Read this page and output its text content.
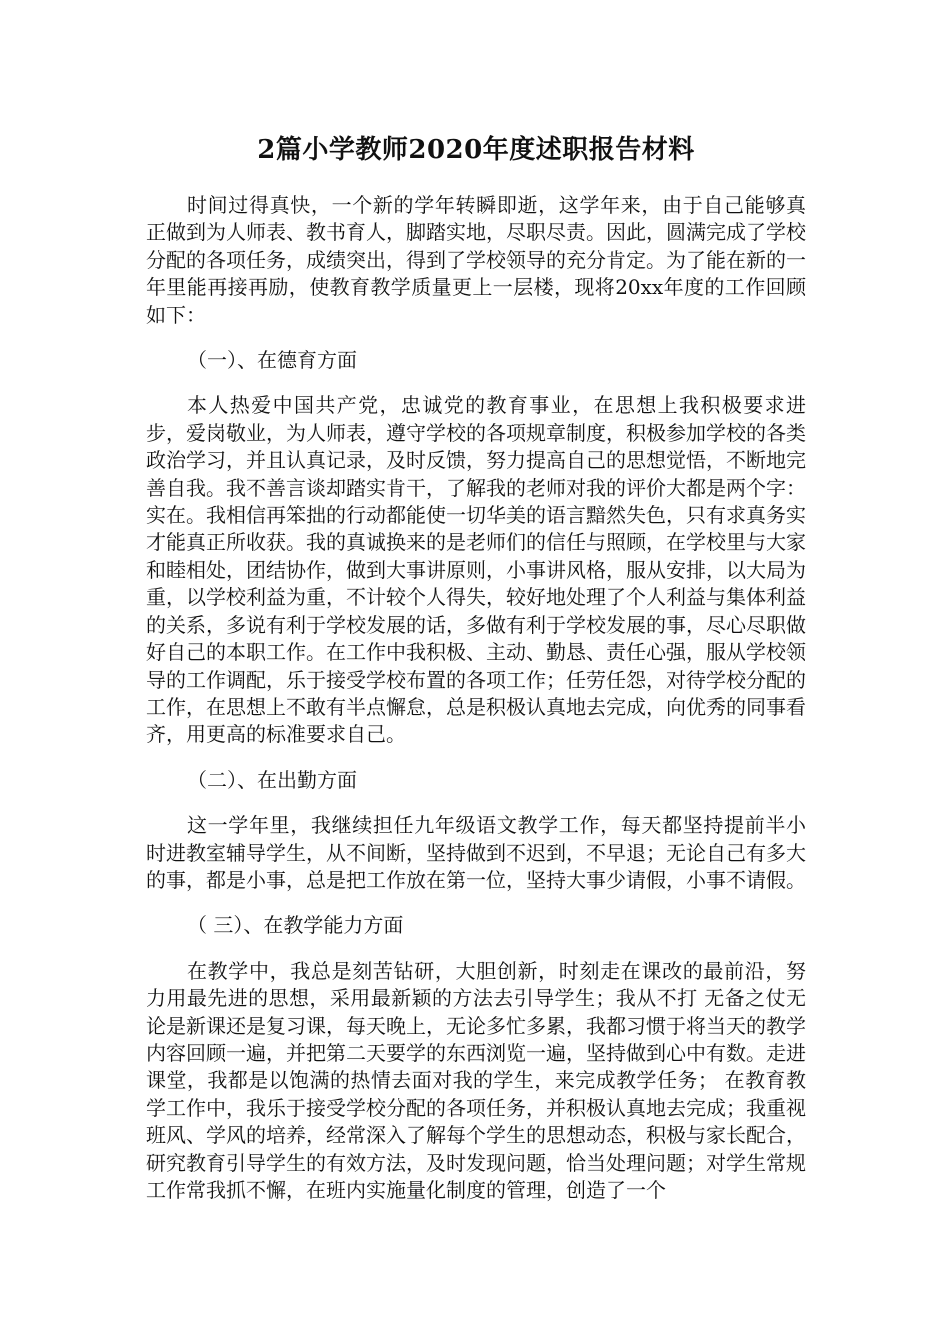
2篇小学教师2020年度述职报告材料

时间过得真快，一个新的学年转瞬即逝，这学年来，由于自己能够真正做到为人师表、教书育人，脚踏实地，尽职尽责。因此，圆满完成了学校分配的各项任务，成绩突出，得到了学校领导的充分肯定。为了能在新的一年里能再接再励，使教育教学质量更上一层楼，现将20xx年度的工作回顾如下：

（一）、在德育方面

本人热爱中国共产党，忠诚党的教育事业，在思想上我积极要求进步，爱岗敬业，为人师表，遵守学校的各项规章制度，积极参加学校的各类政治学习，并且认真记录，及时反馈，努力提高自己的思想觉悟，不断地完善自我。我不善言谈却踏实肯干，了解我的老师对我的评价大都是两个字：实在。我相信再笨拙的行动都能使一切华美的语言黯然失色，只有求真务实才能真正所收获。我的真诚换来的是老师们的信任与照顾，在学校里与大家和睦相处，团结协作，做到大事讲原则，小事讲风格，服从安排，以大局为重，以学校利益为重，不计较个人得失，较好地处理了个人利益与集体利益的关系，多说有利于学校发展的话，多做有利于学校发展的事，尽心尽职做好自己的本职工作。在工作中我积极、主动、勤恳、责任心强，服从学校领导的工作调配，乐于接受学校布置的各项工作；任劳任怨，对待学校分配的工作，在思想上不敢有半点懈怠，总是积极认真地去完成，向优秀的同事看齐，用更高的标准要求自己。

（二）、在出勤方面

这一学年里，我继续担任九年级语文教学工作，每天都坚持提前半小时进教室辅导学生，从不间断，坚持做到不迟到，不早退；无论自己有多大的事，都是小事，总是把工作放在第一位，坚持大事少请假，小事不请假。

（ 三）、在教学能力方面

在教学中，我总是刻苦钻研，大胆创新，时刻走在课改的最前沿，努力用最先进的思想，采用最新颖的方法去引导学生；我从不打 无备之仗无论是新课还是复习课，每天晚上，无论多忙多累，我都习惯于将当天的教学内容回顾一遍，并把第二天要学的东西浏览一遍，坚持做到心中有数。走进课堂，我都是以饱满的热情去面对我的学生，来完成教学任务； 在教育教学工作中，我乐于接受学校分配的各项任务，并积极认真地去完成；我重视班风、学风的培养，经常深入了解每个学生的思想动态，积极与家长配合，研究教育引导学生的有效方法，及时发现问题，恰当处理问题；对学生常规工作常我抓不懈，在班内实施量化制度的管理，创造了一个
